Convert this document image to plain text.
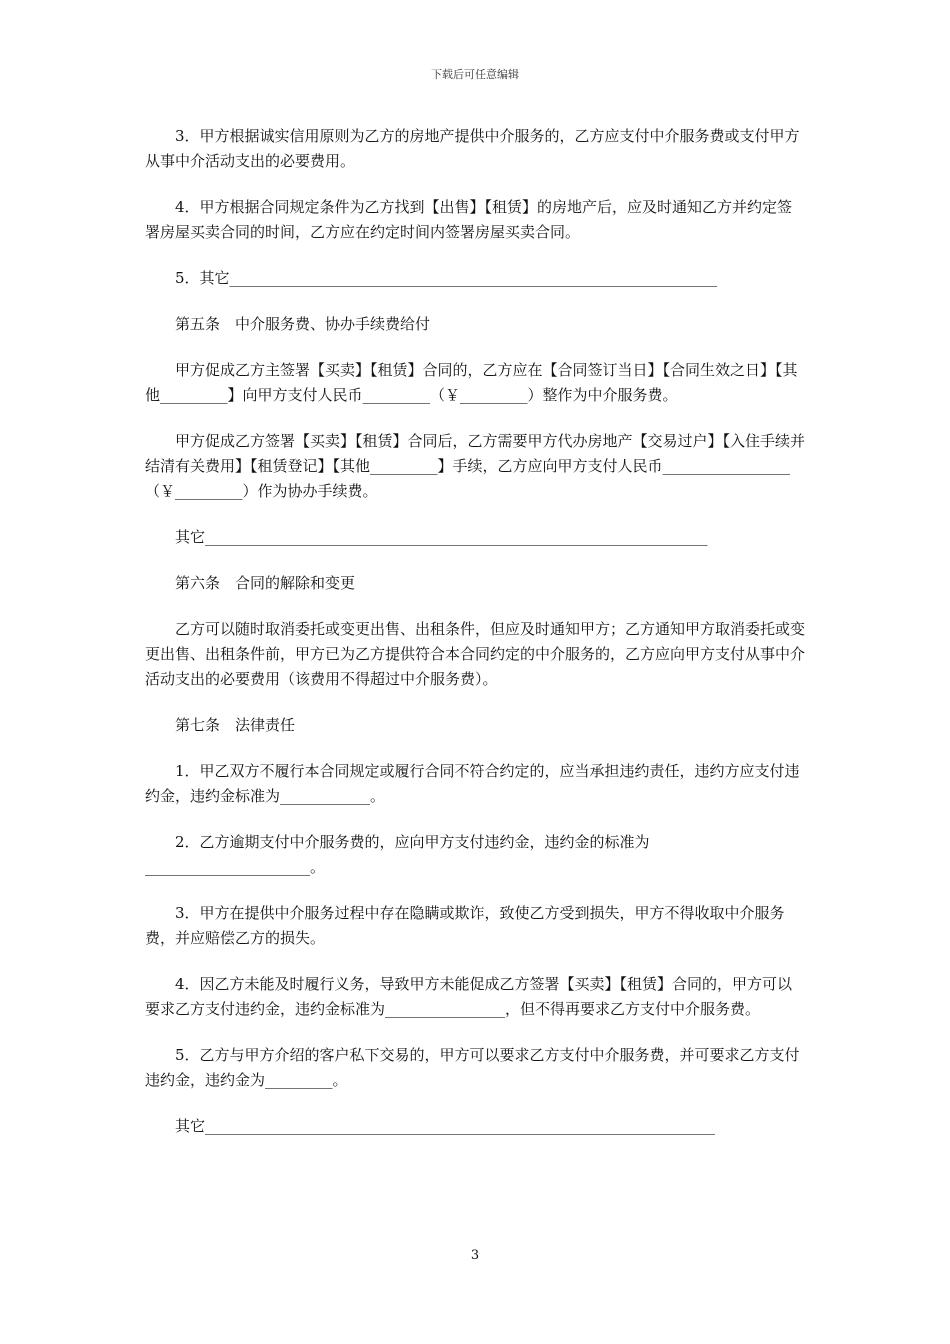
下载后可任意编辑

3．甲方根据诚实信用原则为乙方的房地产提供中介服务的，乙方应支付中介服务费或支付甲方从事中介活动支出的必要费用。

4．甲方根据合同规定条件为乙方找到【出售】【租赁】的房地产后，应及时通知乙方并约定签署房屋买卖合同的时间，乙方应在约定时间内签署房屋买卖合同。

5．其它_________________________________________________________________

第五条　中介服务费、协办手续费给付

甲方促成乙方主签署【买卖】【租赁】合同的，乙方应在【合同签订当日】【合同生效之日】【其他_________】向甲方支付人民币_________（￥_________）整作为中介服务费。

甲方促成乙方签署【买卖】【租赁】合同后，乙方需要甲方代办房地产【交易过户】【入住手续并结清有关费用】【租赁登记】【其他_________】手续，乙方应向甲方支付人民币_________________（￥_________）作为协办手续费。

其它___________________________________________________________________

第六条　合同的解除和变更

乙方可以随时取消委托或变更出售、出租条件，但应及时通知甲方；乙方通知甲方取消委托或变更出售、出租条件前，甲方已为乙方提供符合本合同约定的中介服务的，乙方应向甲方支付从事中介活动支出的必要费用（该费用不得超过中介服务费）。

第七条　法律责任

1．甲乙双方不履行本合同规定或履行合同不符合约定的，应当承担违约责任，违约方应支付违约金，违约金标准为____________。

2．乙方逾期支付中介服务费的，应向甲方支付违约金，违约金的标准为______________________。

3．甲方在提供中介服务过程中存在隐瞒或欺诈，致使乙方受到损失，甲方不得收取中介服务费，并应赔偿乙方的损失。

4．因乙方未能及时履行义务，导致甲方未能促成乙方签署【买卖】【租赁】合同的，甲方可以要求乙方支付违约金，违约金标准为________________，但不得再要求乙方支付中介服务费。

5．乙方与甲方介绍的客户私下交易的，甲方可以要求乙方支付中介服务费，并可要求乙方支付违约金，违约金为_________。

其它____________________________________________________________________

3
